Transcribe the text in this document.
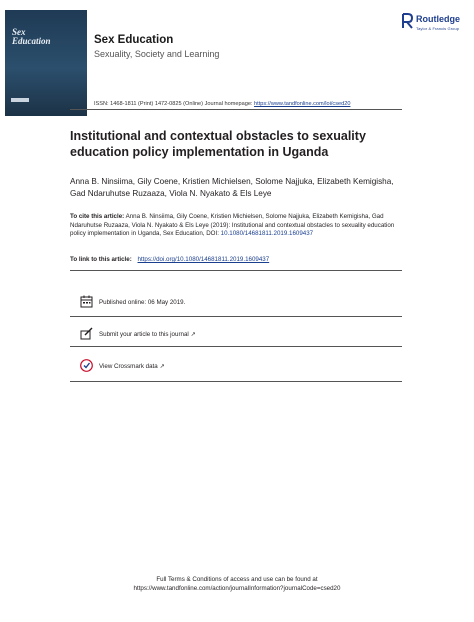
Sex
Education	Sex Education
Sexuality, Society and Learning
Routledge
Taylor & Francis Group
ISSN: 1468-1811 (Print) 1472-0825 (Online) Journal homepage: https://www.tandfonline.com/loi/csed20
Institutional and contextual obstacles to sexuality education policy implementation in Uganda
Anna B. Ninsiima, Gily Coene, Kristien Michielsen, Solome Najjuka, Elizabeth Kemigisha, Gad Ndaruhutse Ruzaaza, Viola N. Nyakato & Els Leye
To cite this article: Anna B. Ninsiima, Gily Coene, Kristien Michielsen, Solome Najjuka, Elizabeth Kemigisha, Gad Ndaruhutse Ruzaaza, Viola N. Nyakato & Els Leye (2019): Institutional and contextual obstacles to sexuality education policy implementation in Uganda, Sex Education, DOI: 10.1080/14681811.2019.1609437
To link to this article: https://doi.org/10.1080/14681811.2019.1609437
Published online: 06 May 2019.
Submit your article to this journal ↗
View Crossmark data ↗
Full Terms & Conditions of access and use can be found at
https://www.tandfonline.com/action/journalInformation?journalCode=csed20
